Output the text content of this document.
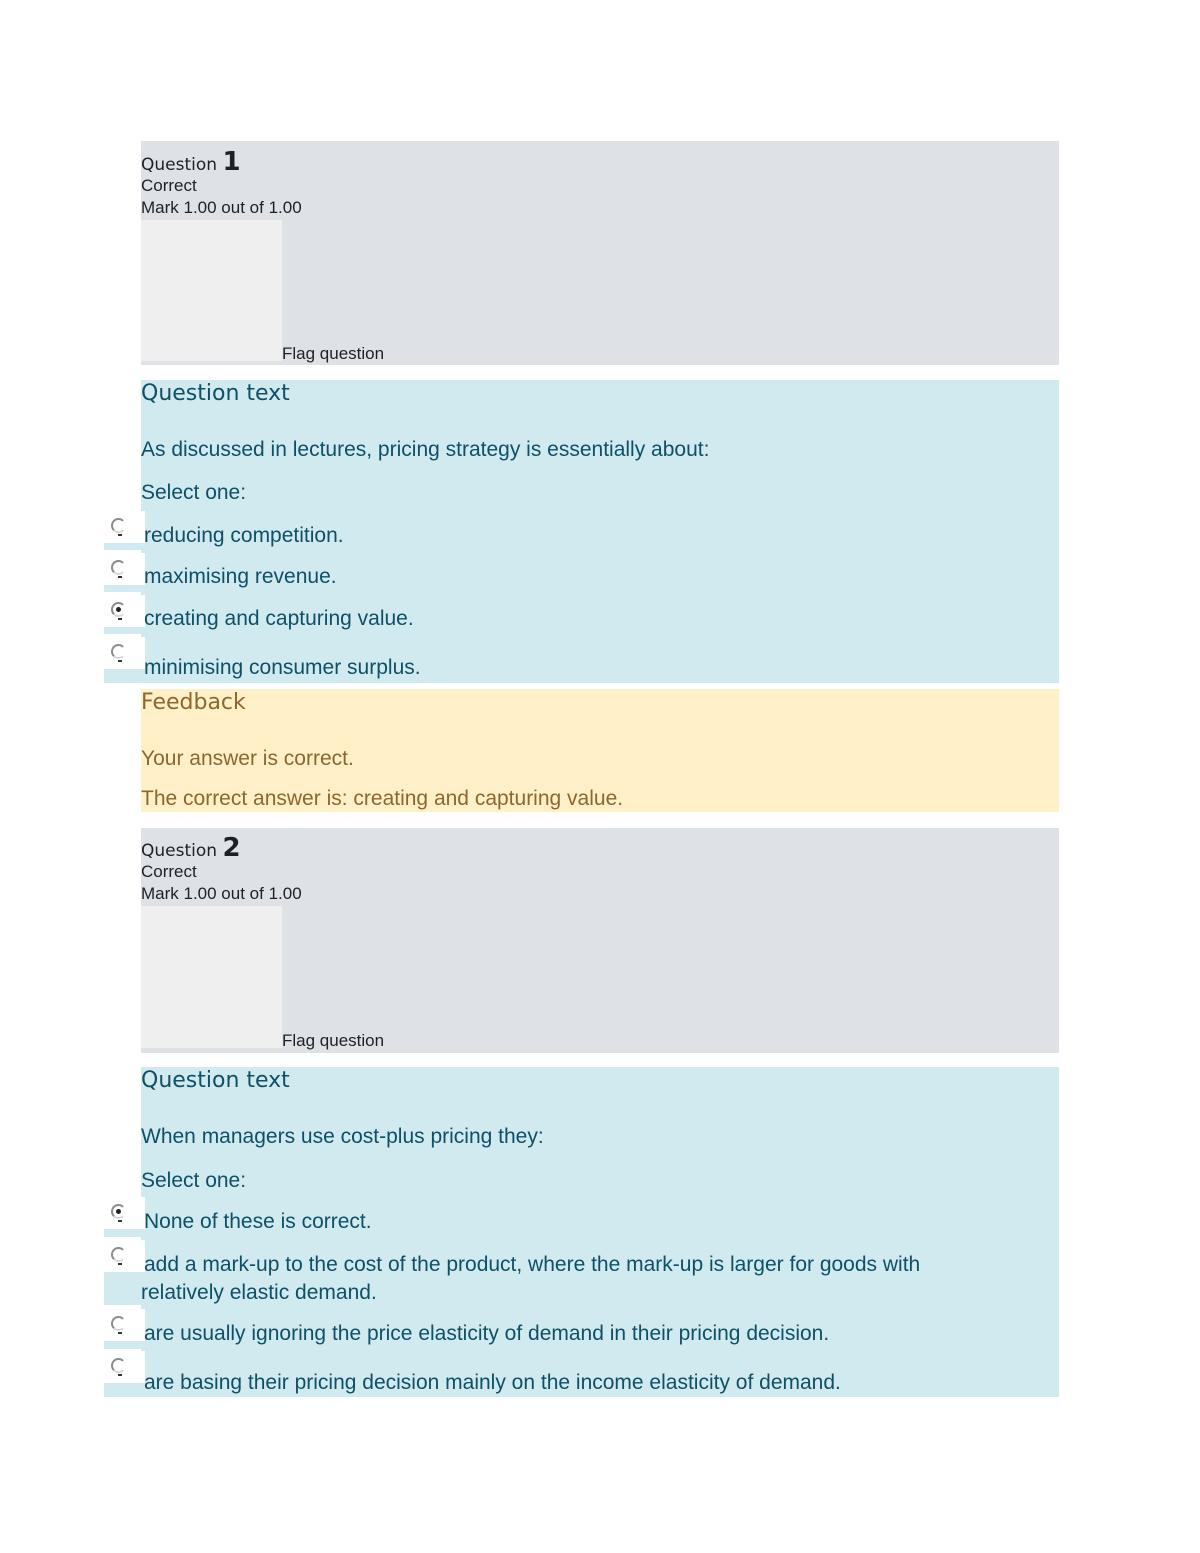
Question 1
Correct
Mark 1.00 out of 1.00
Flag question
Question text
As discussed in lectures, pricing strategy is essentially about:
Select one:
reducing competition.
maximising revenue.
creating and capturing value.
minimising consumer surplus.
Feedback
Your answer is correct.
The correct answer is: creating and capturing value.
Question 2
Correct
Mark 1.00 out of 1.00
Flag question
Question text
When managers use cost-plus pricing they:
Select one:
None of these is correct.
add a mark-up to the cost of the product, where the mark-up is larger for goods with
relatively elastic demand.
are usually ignoring the price elasticity of demand in their pricing decision.
are basing their pricing decision mainly on the income elasticity of demand.
